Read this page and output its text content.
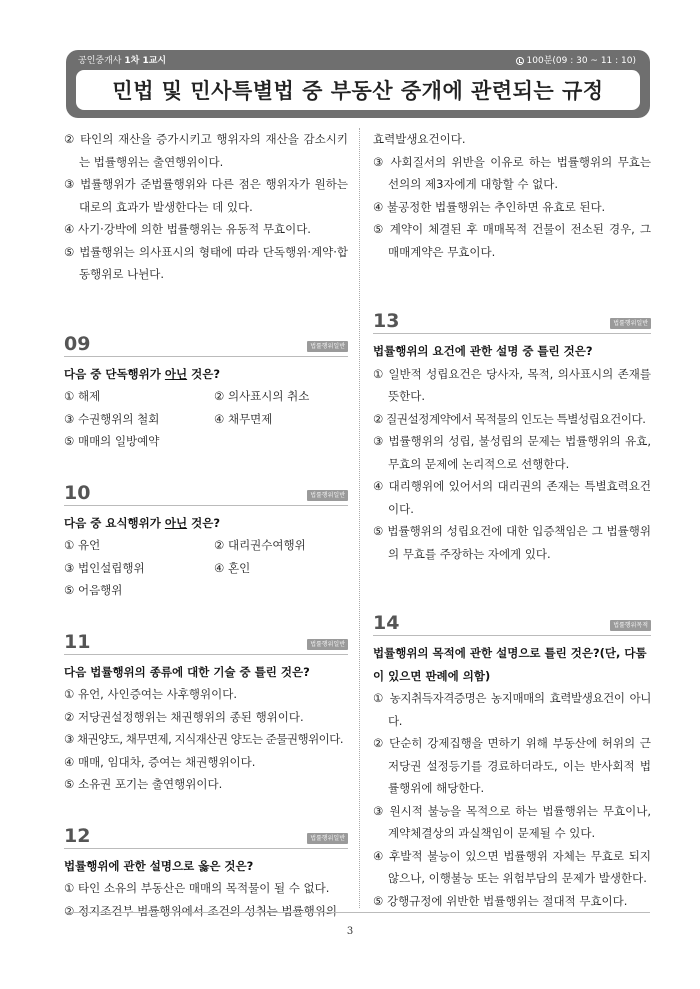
공인중개사 1차 1교시	100분(09 : 30 ~ 11 : 10)
민법 및 민사특별법 중 부동산 중개에 관련되는 규정
② 타인의 재산을 증가시키고 행위자의 재산을 감소시키는 법률행위는 출연행위이다.
③ 법률행위가 준법률행위와 다른 점은 행위자가 원하는 대로의 효과가 발생한다는 데 있다.
④ 사기·강박에 의한 법률행위는 유동적 무효이다.
⑤ 법률행위는 의사표시의 형태에 따라 단독행위·계약·합동행위로 나뉜다.
09	법률행위일반
다음 중 단독행위가 아닌 것은?
① 해제	② 의사표시의 취소
③ 수권행위의 철회	④ 채무면제
⑤ 매매의 일방예약
10	법률행위일반
다음 중 요식행위가 아닌 것은?
① 유언	② 대리권수여행위
③ 법인설립행위	④ 혼인
⑤ 어음행위
11	법률행위일반
다음 법률행위의 종류에 대한 기술 중 틀린 것은?
① 유언, 사인증여는 사후행위이다.
② 저당권설정행위는 채권행위의 종된 행위이다.
③ 채권양도, 채무면제, 지식재산권 양도는 준물권행위이다.
④ 매매, 임대차, 증여는 채권행위이다.
⑤ 소유권 포기는 출연행위이다.
12	법률행위일반
법률행위에 관한 설명으로 옳은 것은?
① 타인 소유의 부동산은 매매의 목적물이 될 수 없다.
② 정지조건부 법률행위에서 조건의 성취는 법률행위의
효력발생요건이다.
③ 사회질서의 위반을 이유로 하는 법률행위의 무효는 선의의 제3자에게 대항할 수 없다.
④ 불공정한 법률행위는 추인하면 유효로 된다.
⑤ 계약이 체결된 후 매매목적 건물이 전소된 경우, 그 매매계약은 무효이다.
13	법률행위일반
법률행위의 요건에 관한 설명 중 틀린 것은?
① 일반적 성립요건은 당사자, 목적, 의사표시의 존재를 뜻한다.
② 질권설정계약에서 목적물의 인도는 특별성립요건이다.
③ 법률행위의 성립, 불성립의 문제는 법률행위의 유효, 무효의 문제에 논리적으로 선행한다.
④ 대리행위에 있어서의 대리권의 존재는 특별효력요건이다.
⑤ 법률행위의 성립요건에 대한 입증책임은 그 법률행위의 무효를 주장하는 자에게 있다.
14	법률행위목적
법률행위의 목적에 관한 설명으로 틀린 것은?(단, 다툼이 있으면 판례에 의함)
① 농지취득자격증명은 농지매매의 효력발생요건이 아니다.
② 단순히 강제집행을 면하기 위해 부동산에 허위의 근저당권 설정등기를 경료하더라도, 이는 반사회적 법률행위에 해당한다.
③ 원시적 불능을 목적으로 하는 법률행위는 무효이나, 계약체결상의 과실책임이 문제될 수 있다.
④ 후발적 불능이 있으면 법률행위 자체는 무효로 되지 않으나, 이행불능 또는 위험부담의 문제가 발생한다.
⑤ 강행규정에 위반한 법률행위는 절대적 무효이다.
3
